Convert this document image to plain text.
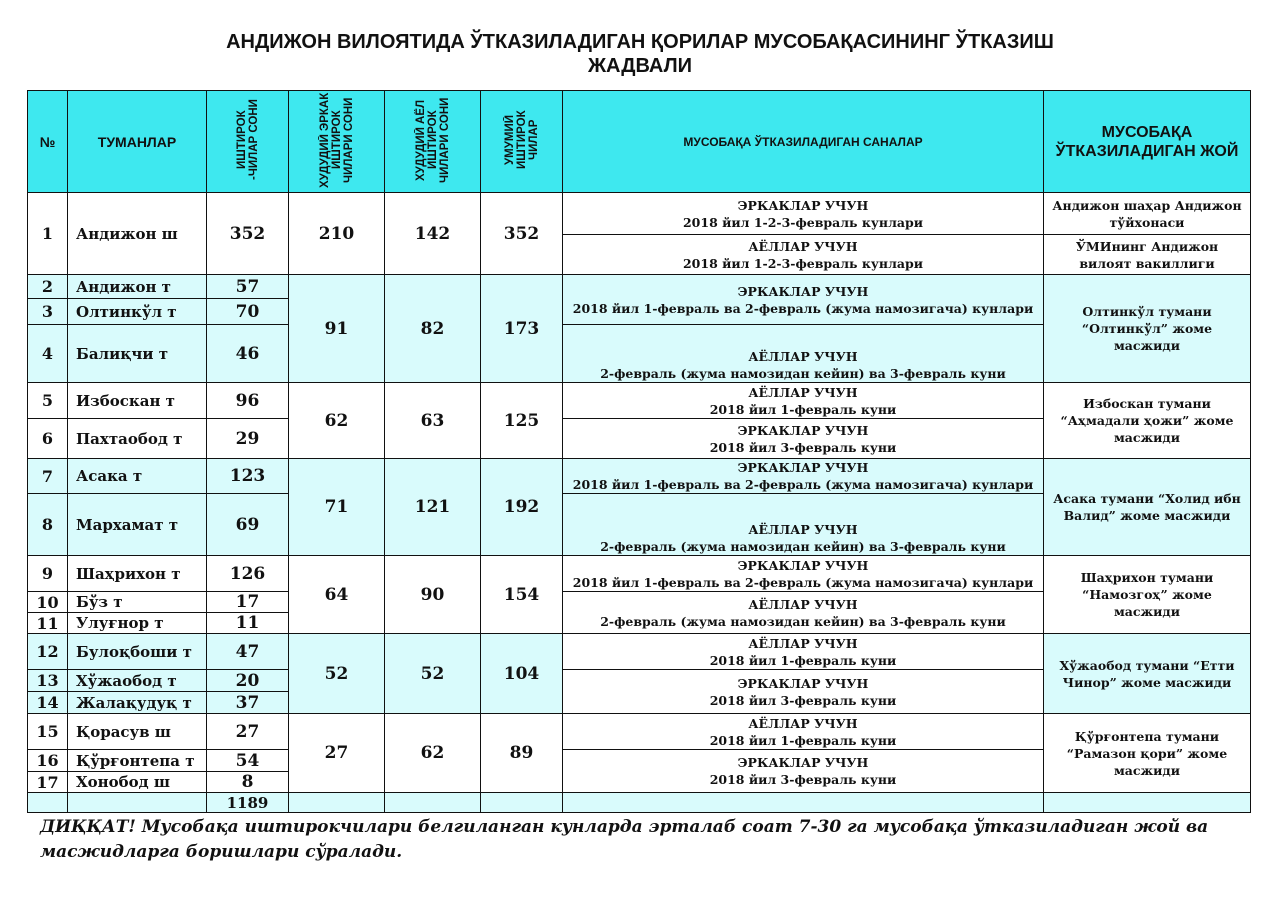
АНДИЖОН ВИЛОЯТИДА ЎТКАЗИЛАДИГАН ҚОРИЛАР МУСОБАҚАСИНИНГ ЎТКАЗИШ
ЖАДВАЛИ
№	ТУМАНЛАР	ИШТИРОК -ЧИЛАР СОНИ	ХУДУДИЙ ЭРКАК ИШТИРОК ЧИЛАРИ СОНИ	ХУДУДИЙ АЁЛ ИШТИРОК ЧИЛАРИ СОНИ	УМУМИЙ ИШТИРОК ЧИЛАР	МУСОБАҚА ЎТКАЗИЛАДИГАН САНАЛАР	МУСОБАҚА ЎТКАЗИЛАДИГАН ЖОЙ
1	Андижон ш	352	210	142	352	ЭРКАКЛАР УЧУН
2018 йил 1-2-3-февраль кунлари	Андижон шаҳар Андижон тўйхонаси
						АЁЛЛАР УЧУН
2018 йил 1-2-3-февраль кунлари	ЎМИнинг Андижон вилоят вакиллиги
2	Андижон т	57	91	82	173	ЭРКАКЛАР УЧУН
2018 йил 1-февраль ва 2-февраль (жума намозигача) кунлари	Олтинкўл тумани “Олтинкўл” жоме масжиди
3	Олтинкўл т	70					
4	Балиқчи т	46				АЁЛЛАР УЧУН
2-февраль (жума намозидан кейин) ва 3-февраль куни	
5	Избоскан т	96	62	63	125	АЁЛЛАР УЧУН
2018 йил 1-февраль куни	Избоскан тумани “Аҳмадали ҳожи” жоме масжиди
6	Пахтаобод т	29				ЭРКАКЛАР УЧУН
2018 йил 3-февраль куни	
7	Асака т	123	71	121	192	ЭРКАКЛАР УЧУН
2018 йил 1-февраль ва 2-февраль (жума намозигача) кунлари	Асака тумани “Холид ибн Валид” жоме масжиди
8	Мархамат т	69				АЁЛЛАР УЧУН
2-февраль (жума намозидан кейин) ва 3-февраль куни	
9	Шаҳрихон т	126	64	90	154	ЭРКАКЛАР УЧУН
2018 йил 1-февраль ва 2-февраль (жума намозигача) кунлари	Шаҳрихон тумани “Намозгоҳ” жоме масжиди
10	Бўз т	17				АЁЛЛАР УЧУН
2-февраль (жума намозидан кейин) ва 3-февраль куни	
11	Улуғнор т	11					
12	Булоқбоши т	47	52	52	104	АЁЛЛАР УЧУН
2018 йил 1-февраль куни	Хўжаобод тумани “Етти Чинор” жоме масжиди
13	Хўжаобод т	20				ЭРКАКЛАР УЧУН
2018 йил 3-февраль куни	
14	Жалақудуқ т	37					
15	Қорасув ш	27	27	62	89	АЁЛЛАР УЧУН
2018 йил 1-февраль куни	Қўрғонтепа тумани “Рамазон қори” жоме масжиди
16	Қўрғонтепа т	54				ЭРКАКЛАР УЧУН
2018 йил 3-февраль куни	
17	Хонобод ш	8					
		1189					
ДИҚҚАТ! Мусобақа иштирокчилари белгиланган кунларда эрталаб соат 7-30 га мусобақа ўтказиладиган жой ва масжидларга боришлари сўралади.
